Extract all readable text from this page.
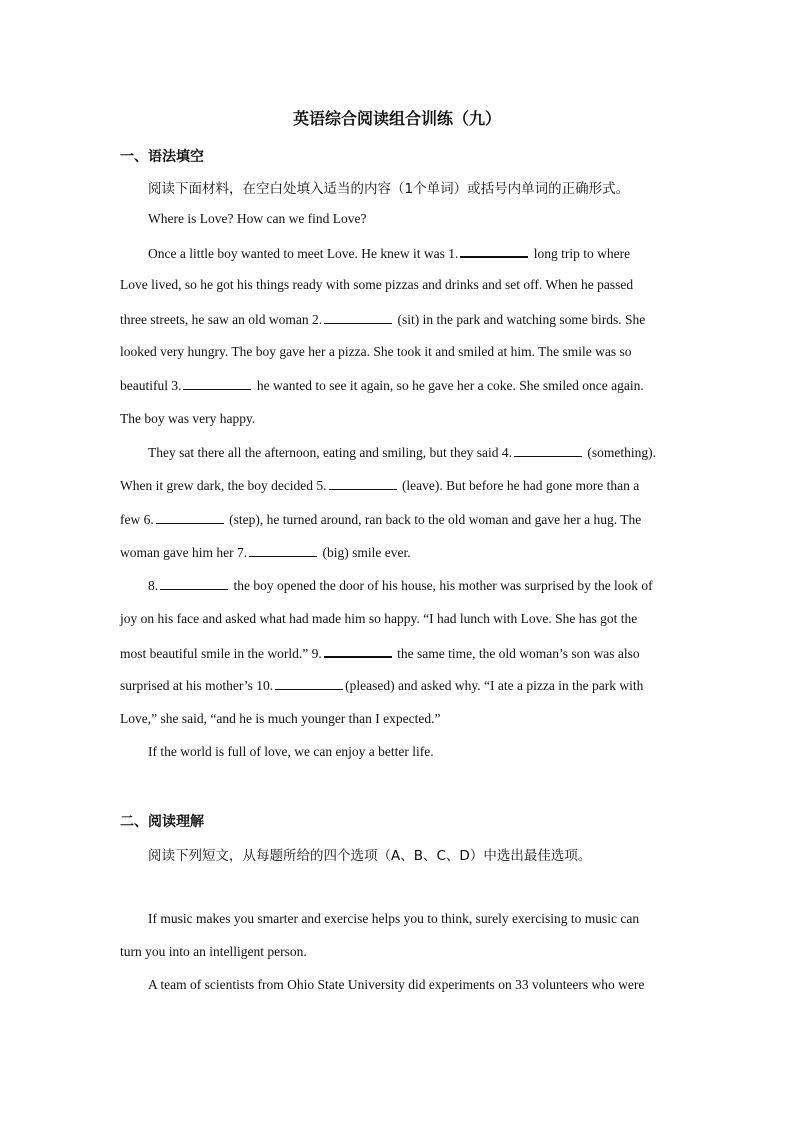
英语综合阅读组合训练（九）
一、语法填空
阅读下面材料，在空白处填入适当的内容（1个单词）或括号内单词的正确形式。
Where is Love? How can we find Love?
Once a little boy wanted to meet Love. He knew it was 1.	long trip to where
Love lived, so he got his things ready with some pizzas and drinks and set off. When he passed
three streets, he saw an old woman 2.	(sit) in the park and watching some birds. She
looked very hungry. The boy gave her a pizza. She took it and smiled at him. The smile was so
beautiful 3.	he wanted to see it again, so he gave her a coke. She smiled once again.
The boy was very happy.
They sat there all the afternoon, eating and smiling, but they said 4.	(something).
When it grew dark, the boy decided 5.	(leave). But before he had gone more than a
few 6.	(step), he turned around, ran back to the old woman and gave her a hug. The
woman gave him her 7.	(big) smile ever.
8.	the boy opened the door of his house, his mother was surprised by the look of
joy on his face and asked what had made him so happy. “I had lunch with Love. She has got the
most beautiful smile in the world.” 9.	the same time, the old woman’s son was also
surprised at his mother’s 10.	(pleased) and asked why. “I ate a pizza in the park with
Love,” she said, “and he is much younger than I expected.”
If the world is full of love, we can enjoy a better life.
二、阅读理解
阅读下列短文，从每题所给的四个选项（A、B、C、D）中选出最佳选项。
If music makes you smarter and exercise helps you to think, surely exercising to music can
turn you into an intelligent person.
A team of scientists from Ohio State University did experiments on 33 volunteers who were
